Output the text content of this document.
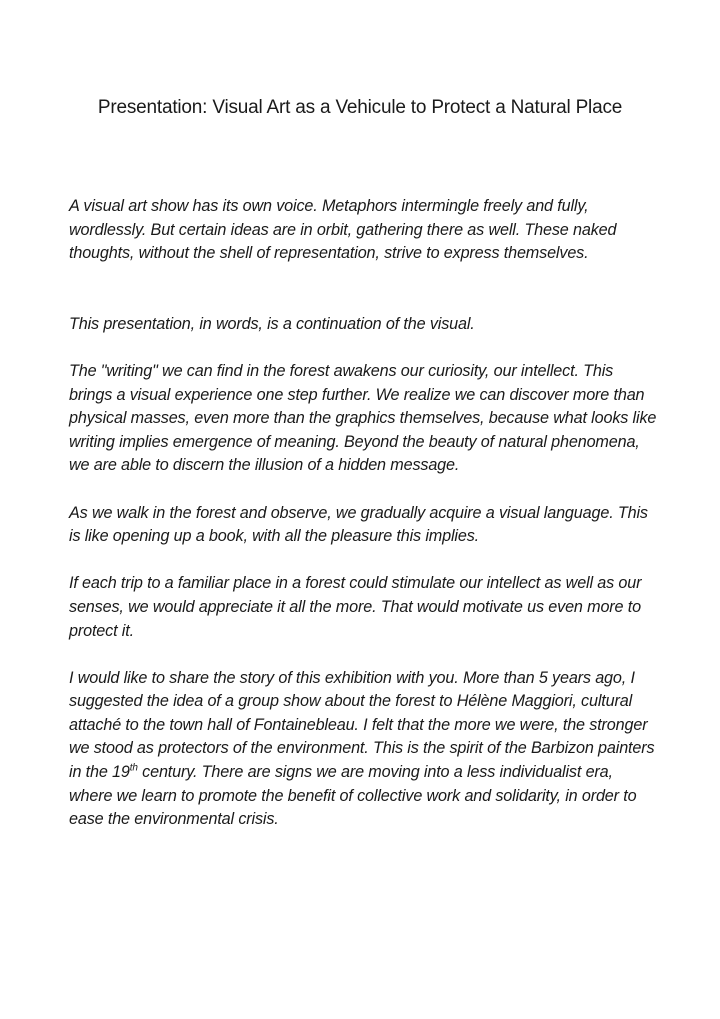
Presentation: Visual Art as a Vehicule to Protect a Natural Place

A visual art show has its own voice. Metaphors intermingle freely and fully, wordlessly. But certain ideas are in orbit, gathering there as well. These naked thoughts, without the shell of representation, strive to express themselves.

This presentation, in words, is a continuation of the visual.

The "writing" we can find in the forest awakens our curiosity, our intellect. This brings a visual experience one step further. We realize we can discover more than physical masses, even more than the graphics themselves, because what looks like writing implies emergence of meaning. Beyond the beauty of natural phenomena, we are able to discern the illusion of a hidden message.

As we walk in the forest and observe, we gradually acquire a visual language. This is like opening up a book, with all the pleasure this implies.

If each trip to a familiar place in a forest could stimulate our intellect as well as our senses, we would appreciate it all the more. That would motivate us even more to protect it.

I would like to share the story of this exhibition with you. More than 5 years ago, I suggested the idea of a group show about the forest to Hélène Maggiori, cultural attaché to the town hall of Fontainebleau. I felt that the more we were, the stronger we stood as protectors of the environment. This is the spirit of the Barbizon painters in the 19th century. There are signs we are moving into a less individualist era, where we learn to promote the benefit of collective work and solidarity, in order to ease the environmental crisis.
